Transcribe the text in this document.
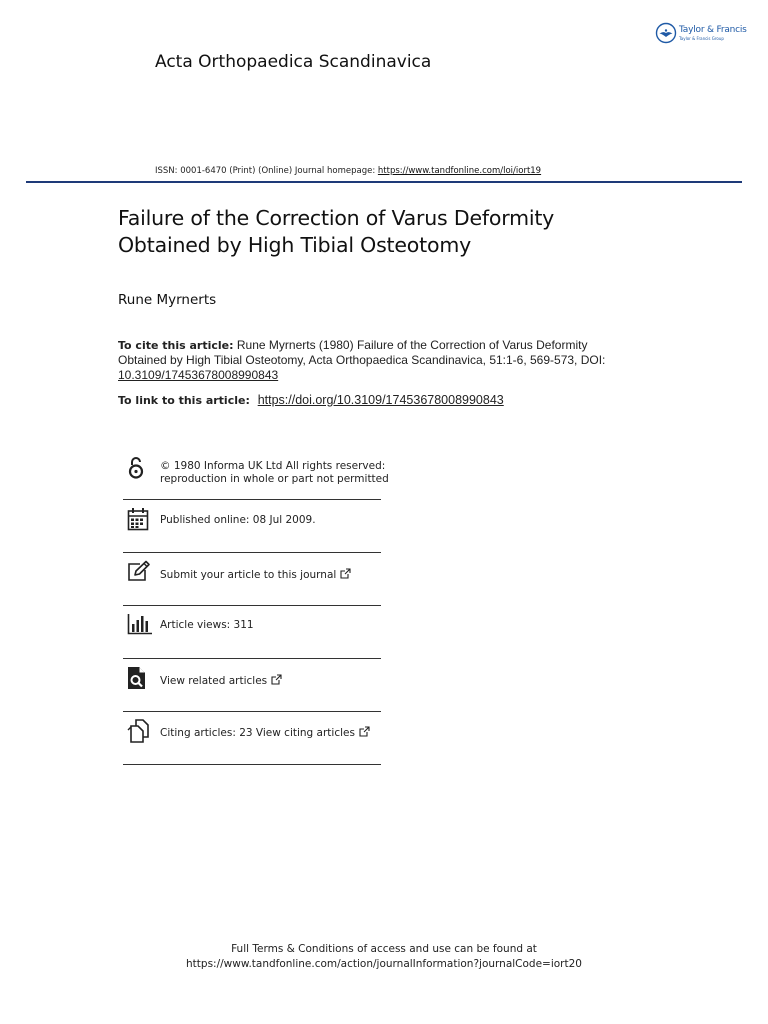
Taylor & Francis
Taylor & Francis Group
Acta Orthopaedica Scandinavica
ISSN: 0001-6470 (Print) (Online) Journal homepage: https://www.tandfonline.com/loi/iort19
Failure of the Correction of Varus Deformity Obtained by High Tibial Osteotomy
Rune Myrnerts
To cite this article: Rune Myrnerts (1980) Failure of the Correction of Varus Deformity Obtained by High Tibial Osteotomy, Acta Orthopaedica Scandinavica, 51:1-6, 569-573, DOI: 10.3109/17453678008990843
To link to this article: https://doi.org/10.3109/17453678008990843
© 1980 Informa UK Ltd All rights reserved:
reproduction in whole or part not permitted
Published online: 08 Jul 2009.
Submit your article to this journal
Article views: 311
View related articles
Citing articles: 23 View citing articles
Full Terms & Conditions of access and use can be found at
https://www.tandfonline.com/action/journalInformation?journalCode=iort20
